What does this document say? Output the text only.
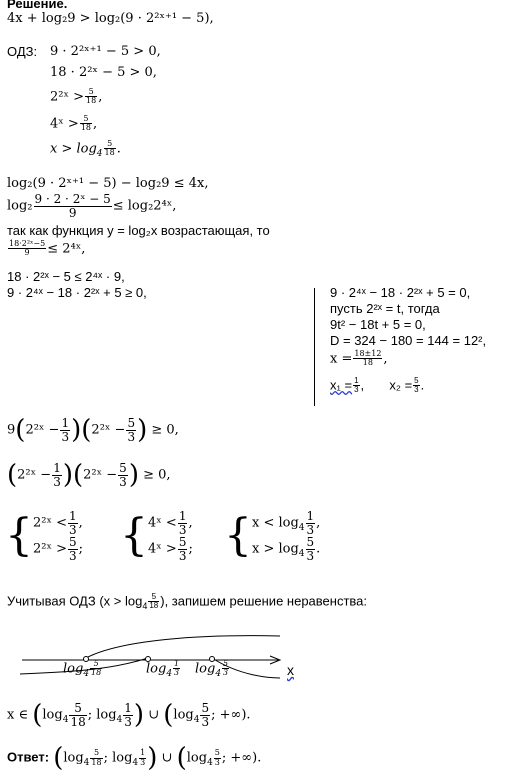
Решение.
4x + log₂9 > log₂(9 · 2²ˣ⁺¹ − 5),
ОДЗ: 9 · 2²ˣ⁺¹ − 5 > 0,
18 · 2²ˣ − 5 > 0,
2²ˣ > $\frac{5}{18}$ ,
4ˣ > $\frac{5}{18}$ ,
$x > \log_4 \frac{5}{18}$ .
log₂(9 · 2ˣ⁺¹ − 5) − log₂9 ≤ 4x,
$\log_2 \frac{\text{9 · 2 · 2ˣ − 5}}{9}$ ≤ log₂2⁴ˣ,
так как функция y = log₂x возрастающая, то
$\frac{\text{18·2²ˣ−5}}{9}$ ≤ 2⁴ˣ,
18 · 2²ˣ − 5 ≤ 2⁴ˣ · 9,
9 · 2⁴ˣ − 18 · 2²ˣ + 5 ≥ 0,	9 · 2⁴ˣ − 18 · 2²ˣ + 5 = 0,
пусть 2²ˣ = t, тогда
9t² − 18t + 5 = 0,
D = 324 − 180 = 144 = 12²,
$x = \frac{18\pm 12}{18}$ ,
$x_1 = \frac{1}{3}$ ,  $x_2 = \frac{5}{3}$ .
9(2²ˣ − $\frac{1}{3}$ )(2²ˣ − $\frac{5}{3}$ ) ≥ 0,
(2²ˣ − $\frac{1}{3}$ )(2²ˣ − $\frac{5}{3}$ ) ≥ 0,
{ 2²ˣ < $\frac{1}{3}$ ,
2²ˣ > $\frac{5}{3}$ ; { 4ˣ < $\frac{1}{3}$ ,
4ˣ > $\frac{5}{3}$ ; { $x < \log_4 \frac{1}{3}$ ,
$x > \log_4 \frac{5}{3}$ .
Учитывая ОДЗ ($x > \log_4 \frac{5}{18}$ ), запишем решение неравенства:
$\log_4 \frac{5}{18}$	$\log_4 \frac{1}{3} \log_4 \frac{5}{3}$	x
x ∈ ($\log_4 \frac{5}{18}$ ; $\log_4 \frac{1}{3}$ ) ∪ ($\log_4 \frac{5}{3}$ ; +∞).
Ответ: ($\log_4 \frac{5}{18}$ ; $\log_4 \frac{1}{3}$ ) ∪ ($\log_4 \frac{5}{3}$ ; +∞).
